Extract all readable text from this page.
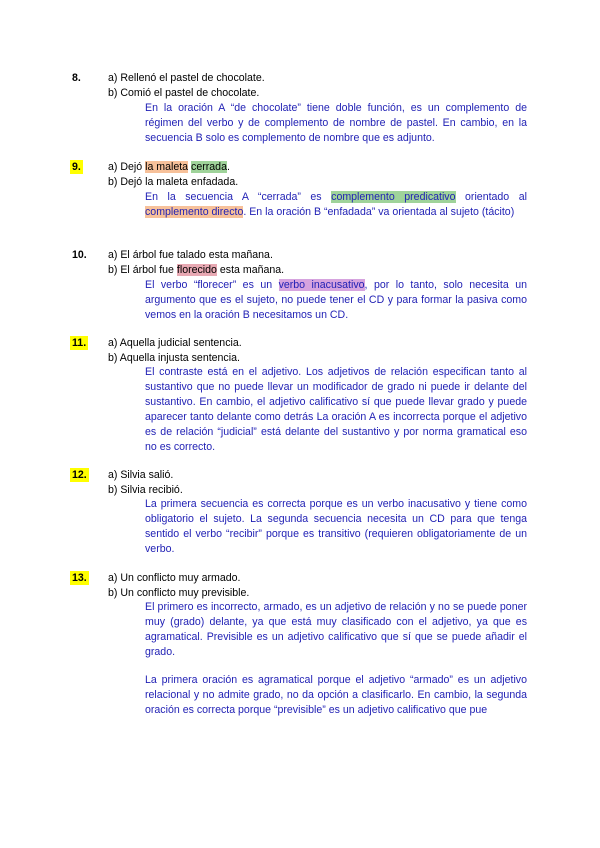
8.	a) Rellenó el pastel de chocolate.
b) Comió el pastel de chocolate.
En la oración A “de chocolate” tiene doble función, es un complemento de régimen del verbo y de complemento de nombre de pastel. En cambio, en la secuencia B solo es complemento de nombre que es adjunto.
9.	a) Dejó la maleta cerrada.
b) Dejó la maleta enfadada.
En la secuencia A “cerrada” es complemento predicativo orientado al complemento directo. En la oración B “enfadada” va orientada al sujeto (tácito)
10. a) El árbol fue talado esta mañana.
b) El árbol fue florecido esta mañana.
El verbo “florecer” es un verbo inacusativo, por lo tanto, solo necesita un argumento que es el sujeto, no puede tener el CD y para formar la pasiva como vemos en la oración B necesitamos un CD.
11. a) Aquella judicial sentencia.
b) Aquella injusta sentencia.
El contraste está en el adjetivo. Los adjetivos de relación especifican tanto al sustantivo que no puede llevar un modificador de grado ni puede ir delante del sustantivo. En cambio, el adjetivo calificativo sí que puede llevar grado y puede aparecer tanto delante como detrás La oración A es incorrecta porque el adjetivo es de relación “judicial” está delante del sustantivo y por norma gramatical eso no es correcto.
12. a) Silvia salió.
b) Silvia recibió.
La primera secuencia es correcta porque es un verbo inacusativo y tiene como obligatorio el sujeto. La segunda secuencia necesita un CD para que tenga sentido el verbo “recibir” porque es transitivo (requieren obligatoriamente de un verbo.
13. a) Un conflicto muy armado.
b) Un conflicto muy previsible.
El primero es incorrecto, armado, es un adjetivo de relación y no se puede poner muy (grado) delante, ya que está muy clasificado con el adjetivo, ya que es agramatical. Previsible es un adjetivo calificativo que sí que se puede añadir el grado.
La primera oración es agramatical porque el adjetivo “armado” es un adjetivo relacional y no admite grado, no da opción a clasificarlo. En cambio, la segunda oración es correcta porque “previsible” es un adjetivo calificativo que pue
